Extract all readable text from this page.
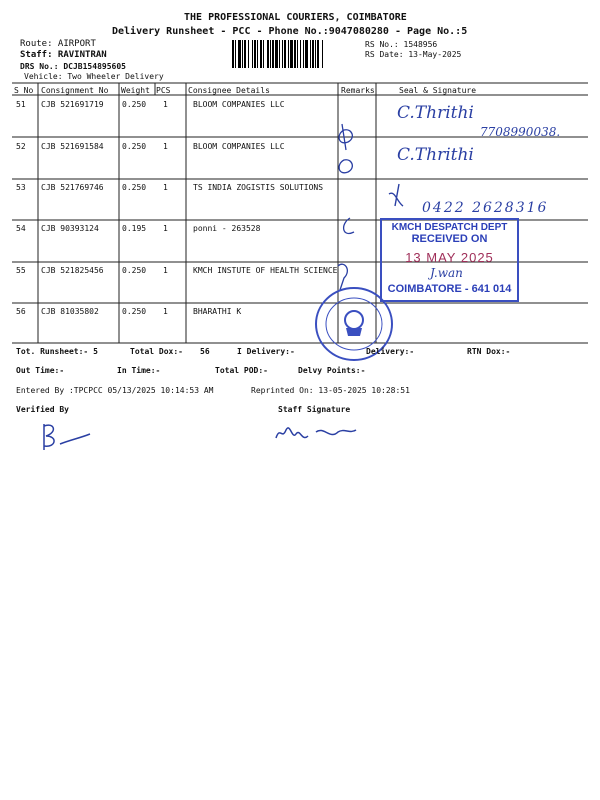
THE PROFESSIONAL COURIERS, COIMBATORE
Delivery Runsheet - PCC - Phone No.:9047080280 - Page No.:5
Route: AIRPORT
Staff: RAVINTRAN
DRS No.: DCJB154895605
Vehicle: Two Wheeler Delivery
RS No.: 1548956
RS Date: 13-May-2025
S No Consignment No Weight PCS Consignee Details	Remarks	Seal & Signature
51 CJB 521691719 0.250 1	BLOOM COMPANIES LLC
52 CJB 521691584 0.250 1	BLOOM COMPANIES LLC
53 CJB 521769746 0.250 1	TS INDIA ZOGISTIS SOLUTIONS
54 CJB 90393124	0.195 1	ponni - 263528
55 CJB 521825456 0.250 1	KMCH INSTUTE OF HEALTH SCIENCE
56 CJB 81035802	0.250 1	BHARATHI K
C.Thrithi
7708990038.
C.Thrithi
0422 2628316
KMCH DESPATCH DEPT
RECEIVED ON
13 MAY 2025
J.wan
COIMBATORE - 641 014
Tot. Runsheet:- 5	Total Dox:- 56	I Delivery:-	Delivery:-	RTN Dox:-
Out Time:-	In Time:-	Total POD:-	Delvy Points:-
Entered By :TPCPCC 05/13/2025 10:14:53 AM	Reprinted On: 13-05-2025 10:28:51
Verified By	Staff Signature
